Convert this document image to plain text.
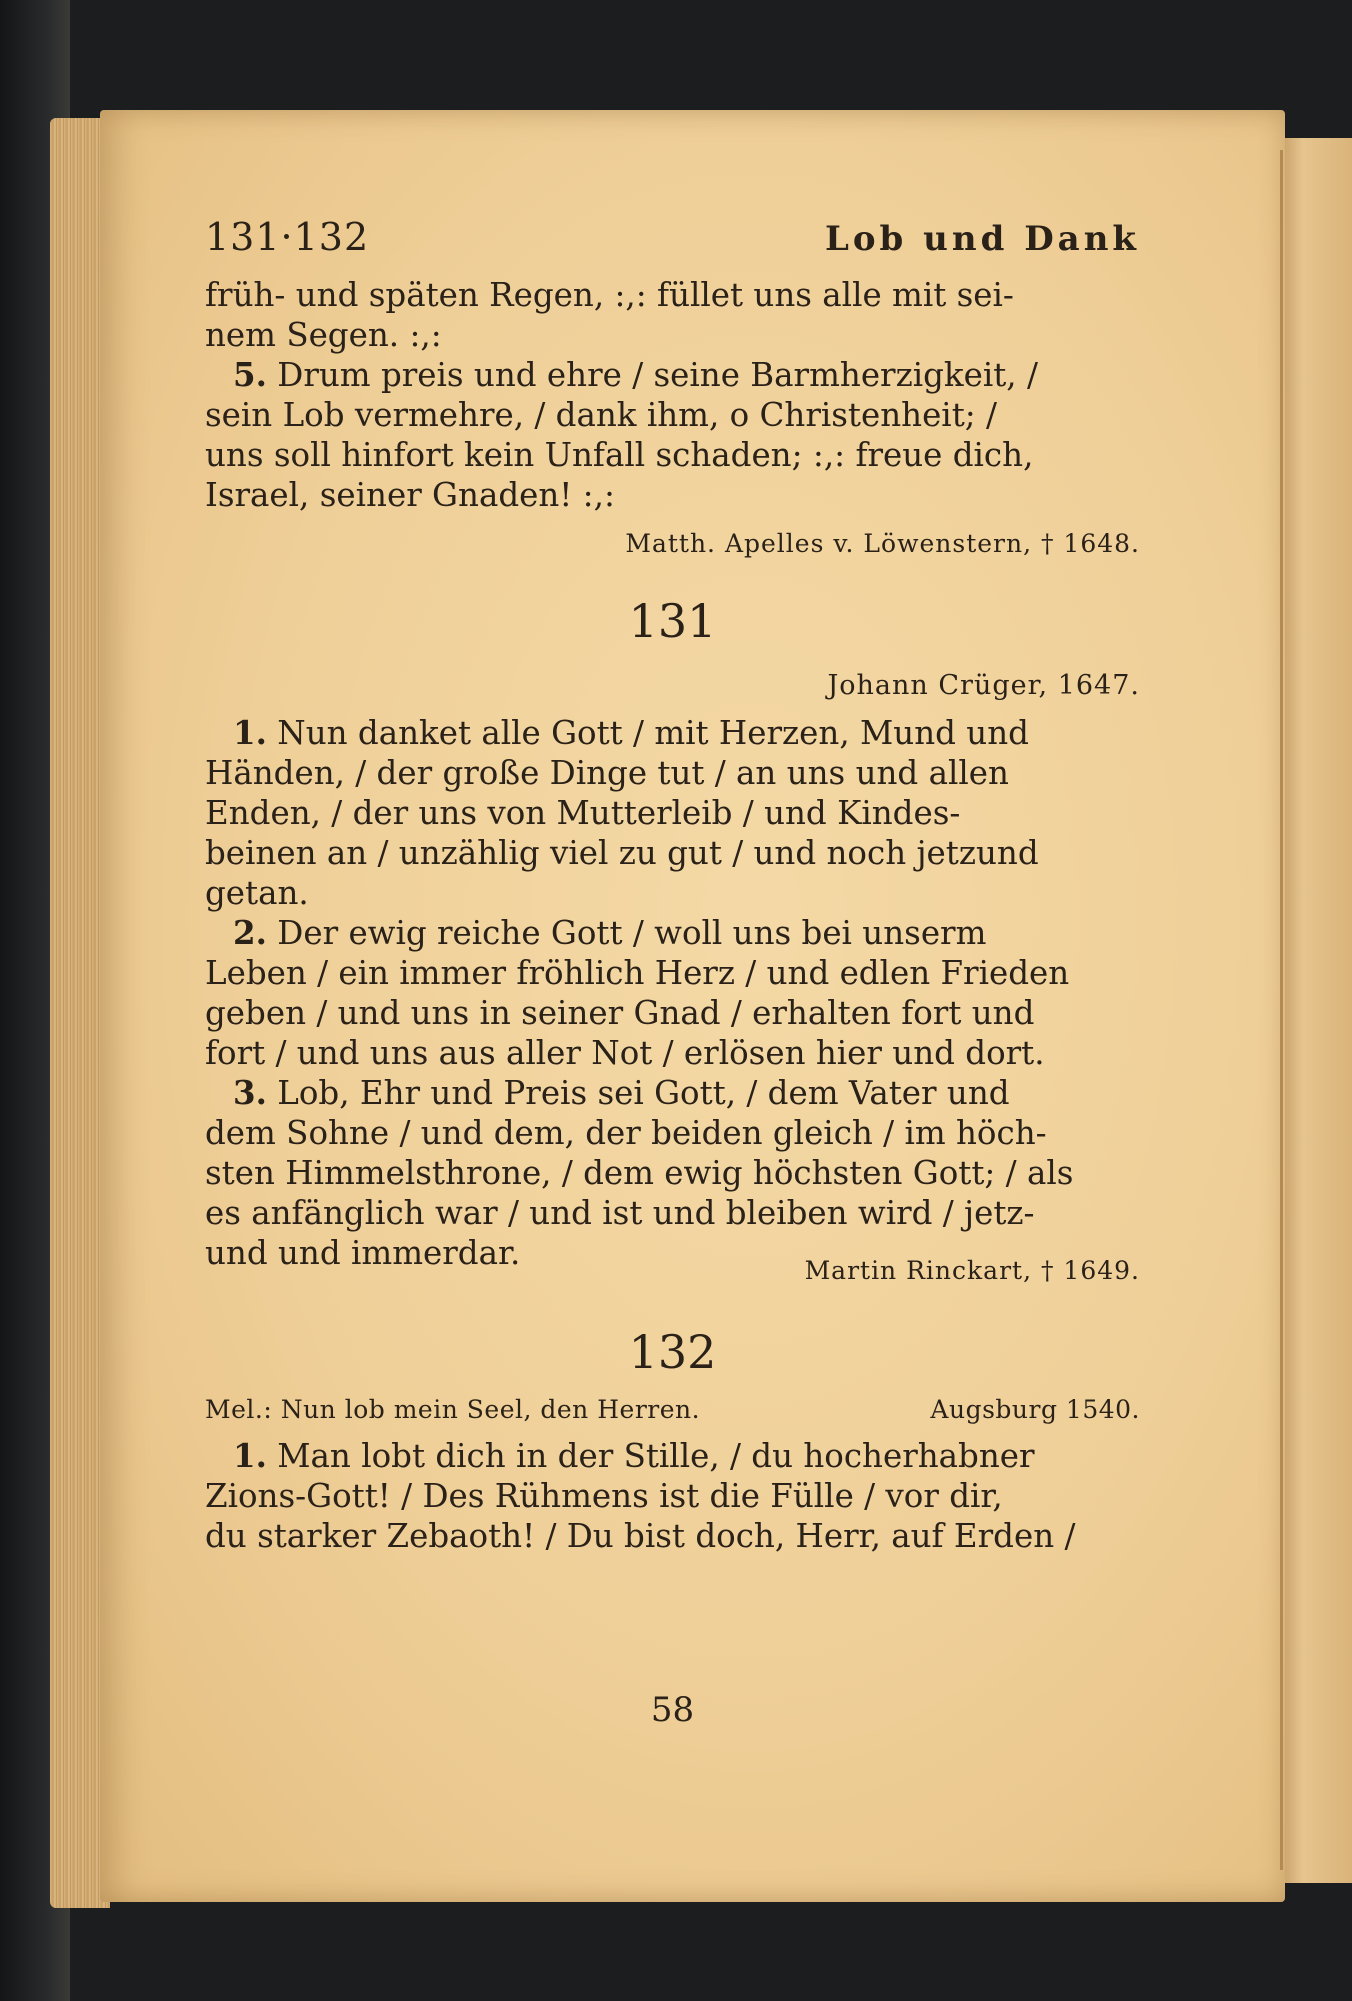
131·132	Lob und Dank

früh- und späten Regen, :,: füllet uns alle mit sei-

nem Segen. :,:

5. Drum preis und ehre / seine Barmherzigkeit, /

sein Lob vermehre, / dank ihm, o Christenheit; /

uns soll hinfort kein Unfall schaden; :,: freue dich,

Israel, seiner Gnaden! :,:

Matth. Apelles v. Löwenstern, † 1648.

131

Johann Crüger, 1647.

1. Nun danket alle Gott / mit Herzen, Mund und

Händen, / der große Dinge tut / an uns und allen

Enden, / der uns von Mutterleib / und Kindes-

beinen an / unzählig viel zu gut / und noch jetzund

getan.

2. Der ewig reiche Gott / woll uns bei unserm

Leben / ein immer fröhlich Herz / und edlen Frieden

geben / und uns in seiner Gnad / erhalten fort und

fort / und uns aus aller Not / erlösen hier und dort.

3. Lob, Ehr und Preis sei Gott, / dem Vater und

dem Sohne / und dem, der beiden gleich / im höch-

sten Himmelsthrone, / dem ewig höchsten Gott; / als

es anfänglich war / und ist und bleiben wird / jetz-

und und immerdar.	Martin Rinckart, † 1649.

132

Mel.: Nun lob mein Seel, den Herren.	Augsburg 1540.

1. Man lobt dich in der Stille, / du hocherhabner

Zions-Gott! / Des Rühmens ist die Fülle / vor dir,

du starker Zebaoth! / Du bist doch, Herr, auf Erden /

58
